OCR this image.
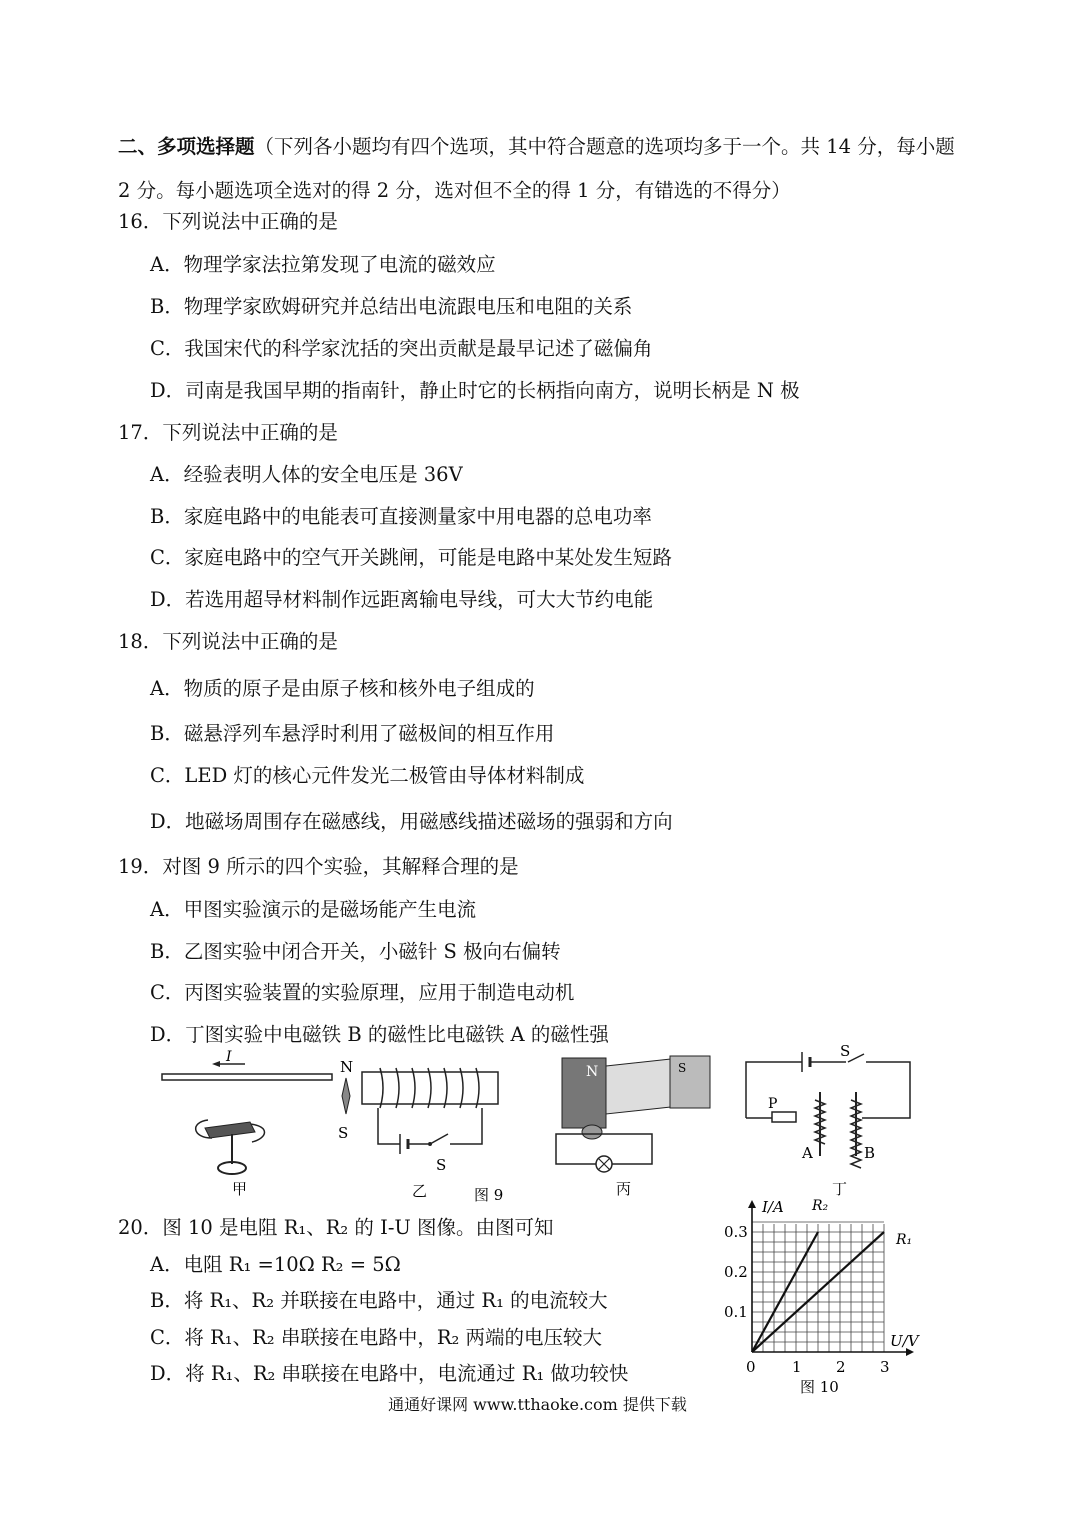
二、多项选择题（下列各小题均有四个选项，其中符合题意的选项均多于一个。共 14 分，每小题 2 分。每小题选项全选对的得 2 分，选对但不全的得 1 分，有错选的不得分）
16．下列说法中正确的是
A．物理学家法拉第发现了电流的磁效应
B．物理学家欧姆研究并总结出电流跟电压和电阻的关系
C．我国宋代的科学家沈括的突出贡献是最早记述了磁偏角
D．司南是我国早期的指南针，静止时它的长柄指向南方，说明长柄是 N 极
17．下列说法中正确的是
A．经验表明人体的安全电压是 36V
B．家庭电路中的电能表可直接测量家中用电器的总电功率
C．家庭电路中的空气开关跳闸，可能是电路中某处发生短路
D．若选用超导材料制作远距离输电导线，可大大节约电能
18．下列说法中正确的是
A．物质的原子是由原子核和核外电子组成的
B．磁悬浮列车悬浮时利用了磁极间的相互作用
C．LED 灯的核心元件发光二极管由导体材料制成
D．地磁场周围存在磁感线，用磁感线描述磁场的强弱和方向
19．对图 9 所示的四个实验，其解释合理的是
A．甲图实验演示的是磁场能产生电流
B．乙图实验中闭合开关，小磁针 S 极向右偏转
C．丙图实验装置的实验原理，应用于制造电动机
D．丁图实验中电磁铁 B 的磁性比电磁铁 A 的磁性强
I
N
S
S
N	S
S
P
A	B
甲	乙	图 9	丙	丁
20．图 10 是电阻 R₁、R₂ 的 I-U 图像。由图可知
A．电阻 R₁ =10Ω R₂ = 5Ω
B．将 R₁、R₂ 并联接在电路中，通过 R₁ 的电流较大
C．将 R₁、R₂ 串联接在电路中，R₂ 两端的电压较大
D．将 R₁、R₂ 串联接在电路中，电流通过 R₁ 做功较快
R₂
R₁
0 1 2 3
0.1
0.2
0.3
I/A
U/V
图 10
通通好课网 www.tthaoke.com 提供下载
